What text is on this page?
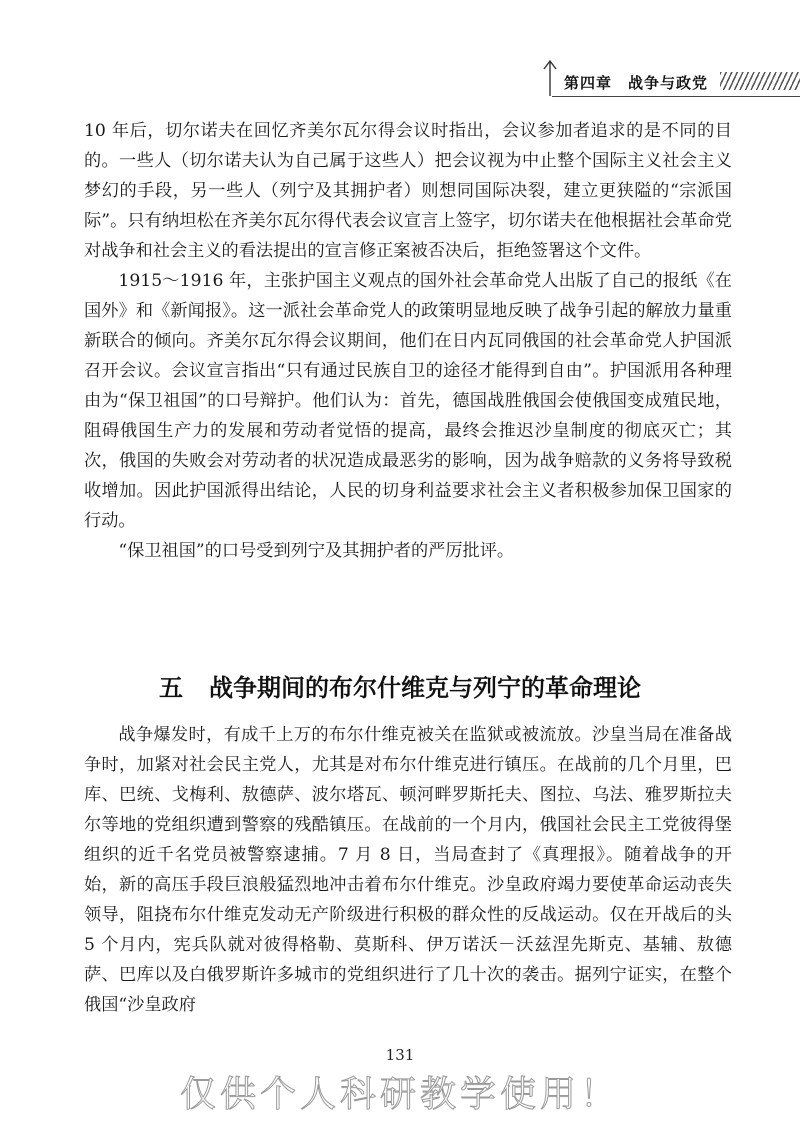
第四章　战争与政党

10 年后，切尔诺夫在回忆齐美尔瓦尔得会议时指出，会议参加者追求的是不同的目的。一些人（切尔诺夫认为自己属于这些人）把会议视为中止整个国际主义社会主义梦幻的手段，另一些人（列宁及其拥护者）则想同国际决裂，建立更狭隘的“宗派国际”。只有纳坦松在齐美尔瓦尔得代表会议宣言上签字，切尔诺夫在他根据社会革命党对战争和社会主义的看法提出的宣言修正案被否决后，拒绝签署这个文件。

1915～1916 年，主张护国主义观点的国外社会革命党人出版了自己的报纸《在国外》和《新闻报》。这一派社会革命党人的政策明显地反映了战争引起的解放力量重新联合的倾向。齐美尔瓦尔得会议期间，他们在日内瓦同俄国的社会革命党人护国派召开会议。会议宣言指出“只有通过民族自卫的途径才能得到自由”。护国派用各种理由为“保卫祖国”的口号辩护。他们认为：首先，德国战胜俄国会使俄国变成殖民地，阻碍俄国生产力的发展和劳动者觉悟的提高，最终会推迟沙皇制度的彻底灭亡；其次，俄国的失败会对劳动者的状况造成最恶劣的影响，因为战争赔款的义务将导致税收增加。因此护国派得出结论，人民的切身利益要求社会主义者积极参加保卫国家的行动。

“保卫祖国”的口号受到列宁及其拥护者的严厉批评。

五 战争期间的布尔什维克与列宁的革命理论

战争爆发时，有成千上万的布尔什维克被关在监狱或被流放。沙皇当局在准备战争时，加紧对社会民主党人，尤其是对布尔什维克进行镇压。在战前的几个月里，巴库、巴统、戈梅利、敖德萨、波尔塔瓦、顿河畔罗斯托夫、图拉、乌法、雅罗斯拉夫尔等地的党组织遭到警察的残酷镇压。在战前的一个月内，俄国社会民主工党彼得堡组织的近千名党员被警察逮捕。7 月 8 日，当局查封了《真理报》。随着战争的开始，新的高压手段巨浪般猛烈地冲击着布尔什维克。沙皇政府竭力要使革命运动丧失领导，阻挠布尔什维克发动无产阶级进行积极的群众性的反战运动。仅在开战后的头 5 个月内，宪兵队就对彼得格勒、莫斯科、伊万诺沃－沃兹涅先斯克、基辅、敖德萨、巴库以及白俄罗斯许多城市的党组织进行了几十次的袭击。据列宁证实，在整个俄国“沙皇政府

131
仅供个人科研教学使用！
